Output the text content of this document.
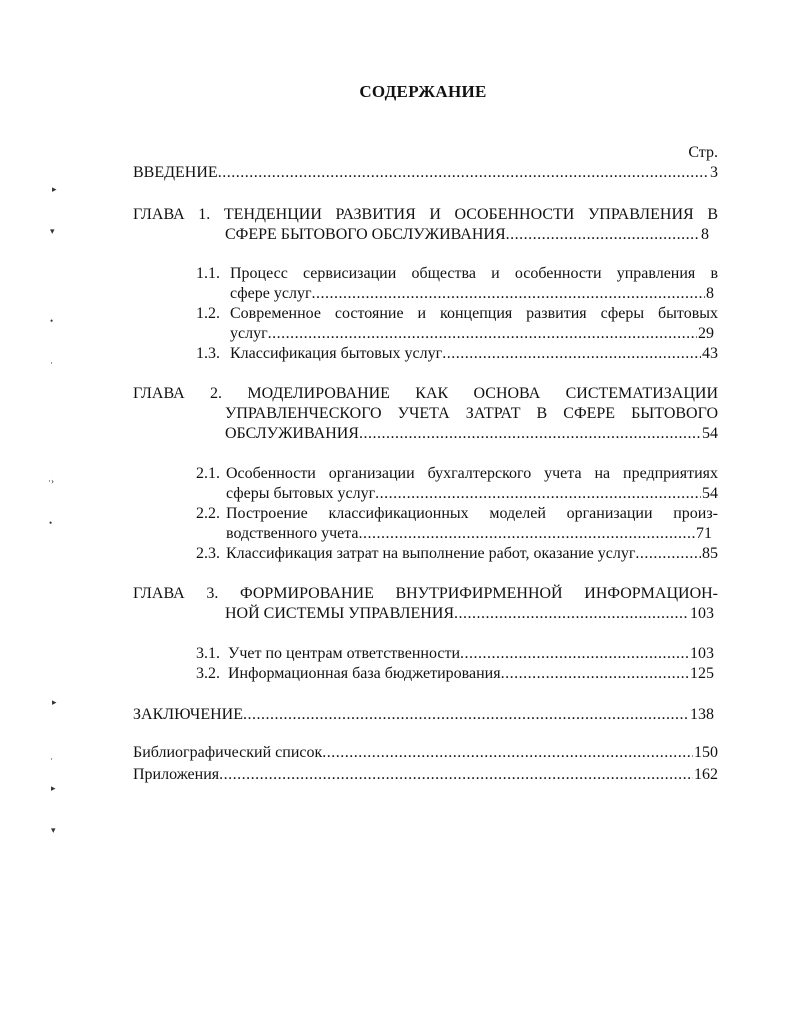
СОДЕРЖАНИЕ
Стр.
ВВЕДЕНИЕ .....	3
ГЛАВА 1. ТЕНДЕНЦИИ РАЗВИТИЯ И ОСОБЕННОСТИ УПРАВЛЕНИЯ В
СФЕРЕ БЫТОВОГО ОБСЛУЖИВАНИЯ .....	8
1.1. Процесс сервисизации общества и особенности управления в
сфере услуг .....	8
1.2. Современное состояние и концепция развития сферы бытовых
услуг .....	29
1.3. Классификация бытовых услуг .....	43
ГЛАВА 2. МОДЕЛИРОВАНИЕ КАК ОСНОВА СИСТЕМАТИЗАЦИИ
УПРАВЛЕНЧЕСКОГО УЧЕТА ЗАТРАТ В СФЕРЕ БЫТОВОГО
ОБСЛУЖИВАНИЯ .....	54
2.1. Особенности организации бухгалтерского учета на предприятиях
сферы бытовых услуг .....	54
2.2. Построение классификационных моделей организации произ-
водственного учета .....	71
2.3. Классификация затрат на выполнение работ, оказание услуг .....	85
ГЛАВА 3. ФОРМИРОВАНИЕ ВНУТРИФИРМЕННОЙ ИНФОРМАЦИОН-
НОЙ СИСТЕМЫ УПРАВЛЕНИЯ .....	103
3.1. Учет по центрам ответственности .....	103
3.2. Информационная база бюджетирования .....	125
ЗАКЛЮЧЕНИЕ .....	138
Библиографический список .....	150
Приложения .....	162
▸
▾
•
·
·›
•
▸
·
▸
▾
